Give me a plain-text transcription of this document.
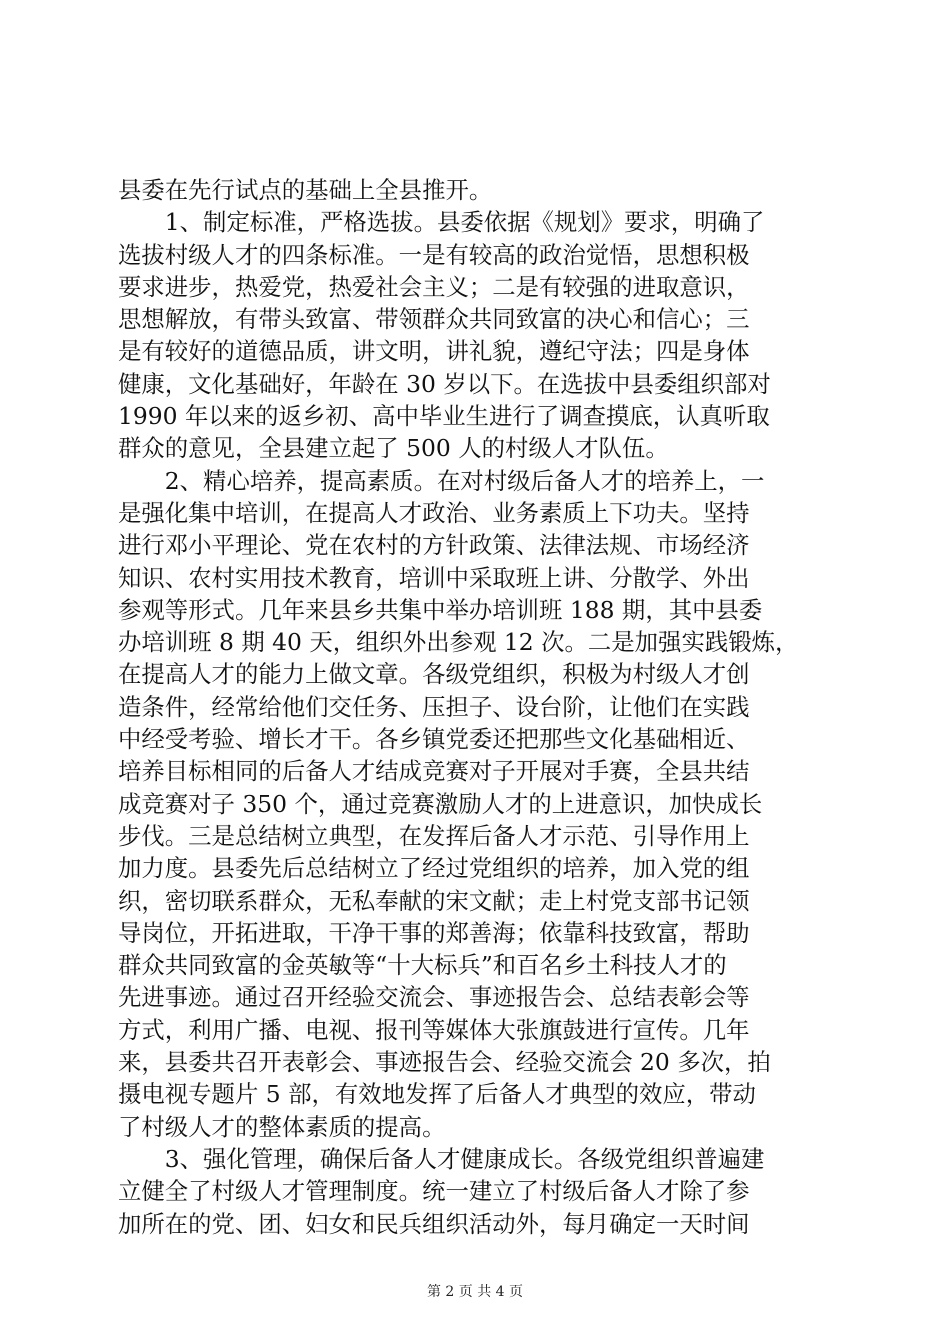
县委在先行试点的基础上全县推开。
　　1、制定标准，严格选拔。县委依据《规划》要求，明确了
选拔村级人才的四条标准。一是有较高的政治觉悟，思想积极
要求进步，热爱党，热爱社会主义；二是有较强的进取意识，
思想解放，有带头致富、带领群众共同致富的决心和信心；三
是有较好的道德品质，讲文明，讲礼貌，遵纪守法；四是身体
健康，文化基础好，年龄在 30 岁以下。在选拔中县委组织部对
1990 年以来的返乡初、高中毕业生进行了调查摸底，认真听取
群众的意见，全县建立起了 500 人的村级人才队伍。
　　2、精心培养，提高素质。在对村级后备人才的培养上，一
是强化集中培训，在提高人才政治、业务素质上下功夫。坚持
进行邓小平理论、党在农村的方针政策、法律法规、市场经济
知识、农村实用技术教育，培训中采取班上讲、分散学、外出
参观等形式。几年来县乡共集中举办培训班 188 期，其中县委
办培训班 8 期 40 天，组织外出参观 12 次。二是加强实践锻炼，
在提高人才的能力上做文章。各级党组织，积极为村级人才创
造条件，经常给他们交任务、压担子、设台阶，让他们在实践
中经受考验、增长才干。各乡镇党委还把那些文化基础相近、
培养目标相同的后备人才结成竞赛对子开展对手赛，全县共结
成竞赛对子 350 个，通过竞赛激励人才的上进意识，加快成长
步伐。三是总结树立典型，在发挥后备人才示范、引导作用上
加力度。县委先后总结树立了经过党组织的培养，加入党的组
织，密切联系群众，无私奉献的宋文献；走上村党支部书记领
导岗位，开拓进取，干净干事的郑善海；依靠科技致富，帮助
群众共同致富的金英敏等“十大标兵”和百名乡土科技人才的
先进事迹。通过召开经验交流会、事迹报告会、总结表彰会等
方式，利用广播、电视、报刊等媒体大张旗鼓进行宣传。几年
来，县委共召开表彰会、事迹报告会、经验交流会 20 多次，拍
摄电视专题片 5 部，有效地发挥了后备人才典型的效应，带动
了村级人才的整体素质的提高。
　　3、强化管理，确保后备人才健康成长。各级党组织普遍建
立健全了村级人才管理制度。统一建立了村级后备人才除了参
加所在的党、团、妇女和民兵组织活动外，每月确定一天时间
第 2 页 共 4 页
